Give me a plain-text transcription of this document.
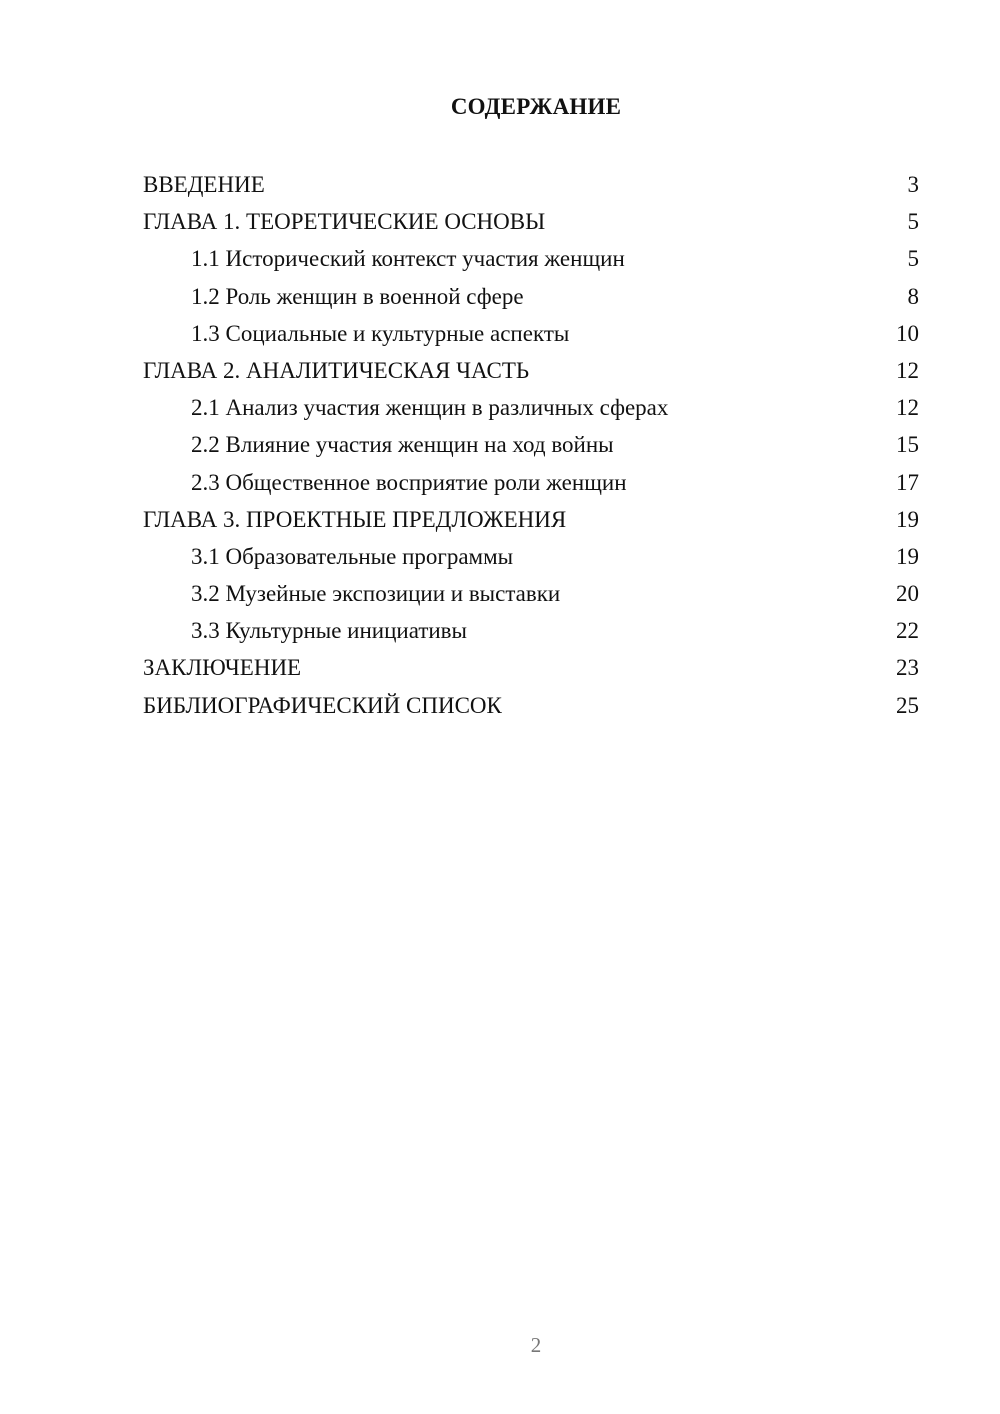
СОДЕРЖАНИЕ
ВВЕДЕНИЕ	3
ГЛАВА 1. ТЕОРЕТИЧЕСКИЕ ОСНОВЫ	5
1.1 Исторический контекст участия женщин	5
1.2 Роль женщин в военной сфере	8
1.3 Социальные и культурные аспекты	10
ГЛАВА 2. АНАЛИТИЧЕСКАЯ ЧАСТЬ	12
2.1 Анализ участия женщин в различных сферах	12
2.2 Влияние участия женщин на ход войны	15
2.3 Общественное восприятие роли женщин	17
ГЛАВА 3. ПРОЕКТНЫЕ ПРЕДЛОЖЕНИЯ	19
3.1 Образовательные программы	19
3.2 Музейные экспозиции и выставки	20
3.3 Культурные инициативы	22
ЗАКЛЮЧЕНИЕ	23
БИБЛИОГРАФИЧЕСКИЙ СПИСОК	25
2
